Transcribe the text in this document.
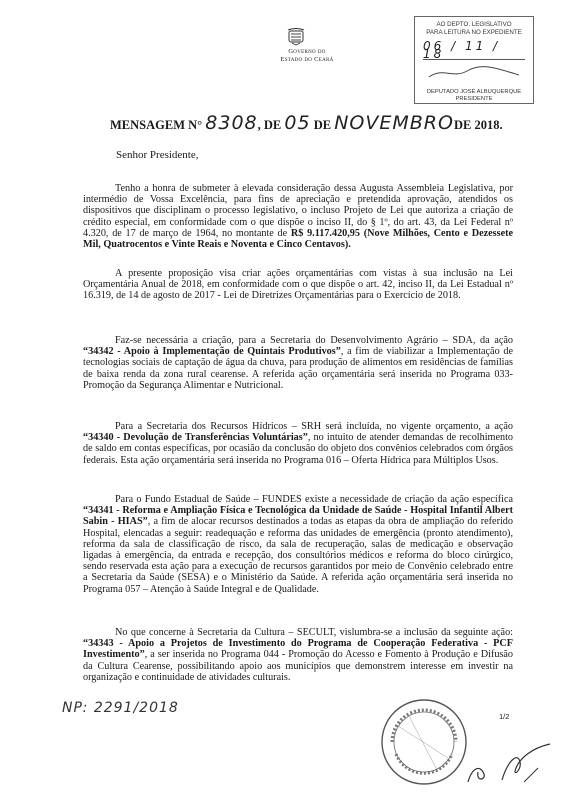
Governo do
Estado do Ceará
AO DEPTO. LEGISLATIVO
PARA LEITURA NO EXPEDIENTE
06 / 11 / 18
DEPUTADO JOSÉ ALBUQUERQUE
PRESIDENTE
MENSAGEM N° 8308, DE 05 DE NOVEMBRODE 2018.
Senhor Presidente,
Tenho a honra de submeter à elevada consideração dessa Augusta Assembleia Legislativa, por intermédio de Vossa Excelência, para fins de apreciação e pretendida aprovação, atendidos os dispositivos que disciplinam o processo legislativo, o incluso Projeto de Lei que autoriza a criação de crédito especial, em conformidade com o que dispõe o inciso II, do § 1º, do art. 43, da Lei Federal nº 4.320, de 17 de março de 1964, no montante de R$ 9.117.420,95 (Nove Milhões, Cento e Dezessete Mil, Quatrocentos e Vinte Reais e Noventa e Cinco Centavos).
A presente proposição visa criar ações orçamentárias com vistas à sua inclusão na Lei Orçamentária Anual de 2018, em conformidade com o que dispõe o art. 42, inciso II, da Lei Estadual nº 16.319, de 14 de agosto de 2017 - Lei de Diretrizes Orçamentárias para o Exercício de 2018.
Faz-se necessária a criação, para a Secretaria do Desenvolvimento Agrário – SDA, da ação “34342 - Apoio à Implementação de Quintais Produtivos”, a fim de viabilizar a Implementação de tecnologias sociais de captação de água da chuva, para produção de alimentos em residências de famílias de baixa renda da zona rural cearense. A referida ação orçamentária será inserida no Programa 033- Promoção da Segurança Alimentar e Nutricional.
Para a Secretaria dos Recursos Hídricos – SRH será incluída, no vigente orçamento, a ação “34340 - Devolução de Transferências Voluntárias”, no intuito de atender demandas de recolhimento de saldo em contas específicas, por ocasião da conclusão do objeto dos convênios celebrados com órgãos federais. Esta ação orçamentária será inserida no Programa 016 – Oferta Hídrica para Múltiplos Usos.
Para o Fundo Estadual de Saúde – FUNDES existe a necessidade de criação da ação específica “34341 - Reforma e Ampliação Física e Tecnológica da Unidade de Saúde - Hospital Infantil Albert Sabin - HIAS”, a fim de alocar recursos destinados a todas as etapas da obra de ampliação do referido Hospital, elencadas a seguir: readequação e reforma das unidades de emergência (pronto atendimento), reforma da sala de classificação de risco, da sala de recuperação, salas de medicação e observação ligadas à emergência, da entrada e recepção, dos consultórios médicos e reforma do bloco cirúrgico, sendo reservada esta ação para a execução de recursos garantidos por meio de Convênio celebrado entre a Secretaria da Saúde (SESA) e o Ministério da Saúde. A referida ação orçamentária será inserida no Programa 057 – Atenção à Saúde Integral e de Qualidade.
No que concerne à Secretaria da Cultura – SECULT, vislumbra-se a inclusão da seguinte ação: “34343 - Apoio a Projetos de Investimento do Programa de Cooperação Federativa - PCF Investimento”, a ser inserida no Programa 044 - Promoção do Acesso e Fomento à Produção e Difusão da Cultura Cearense, possibilitando apoio aos municípios que demonstrem interesse em investir na organização e continuidade de atividades culturais.
NP: 2291/2018
1/2
